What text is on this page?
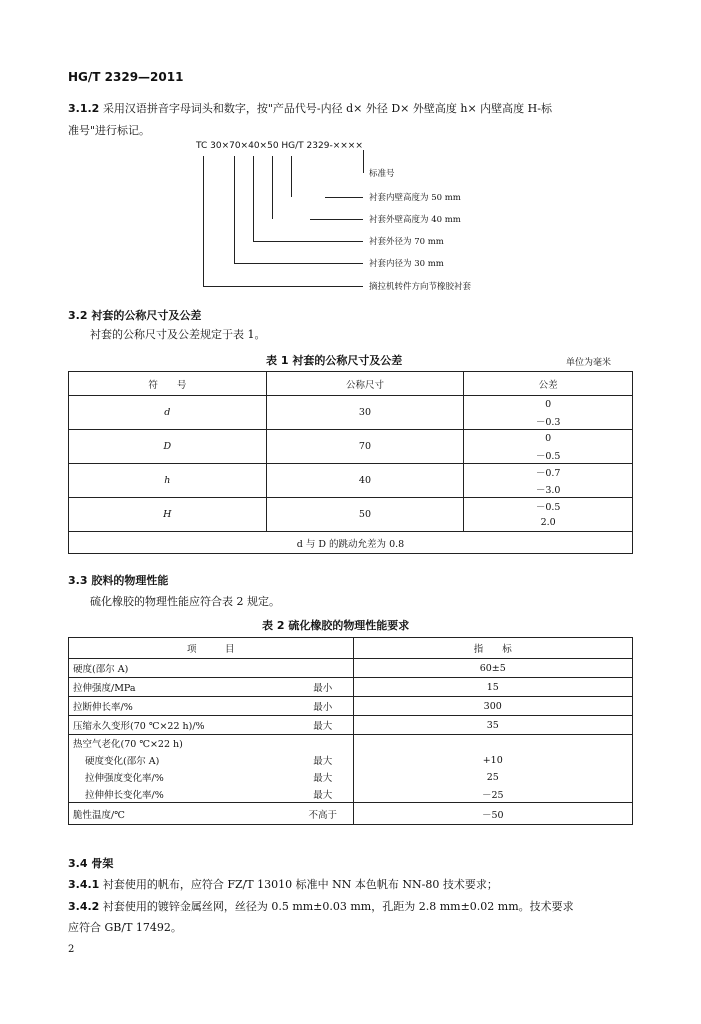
HG/T 2329—2011
3.1.2 采用汉语拼音字母词头和数字，按"产品代号-内径 d× 外径 D× 外壁高度 h× 内壁高度 H-标
准号"进行标记。
TC 30×70×40×50 HG/T 2329-××××
标准号
衬套内壁高度为 50 mm
衬套外壁高度为 40 mm
衬套外径为 70 mm
衬套内径为 30 mm
摘拉机转件方向节橡胶衬套
3.2 衬套的公称尺寸及公差
衬套的公称尺寸及公差规定于表 1。
表 1 衬套的公称尺寸及公差	单位为毫米
符　　号	公称尺寸	公差
d	30	0
		－0.3
D	70	0
		－0.5
h	40	－0.7
		－3.0
H	50	－0.5
		2.0
d 与 D 的跳动允差为 0.8		
3.3 胶料的物理性能
硫化橡胶的物理性能应符合表 2 规定。
表 2 硫化橡胶的物理性能要求
项　　　目		指　　标
硬度(邵尔 A)		60±5
拉伸强度/MPa	最小	15
拉断伸长率/%	最小	300
压缩永久变形(70 ℃×22 h)/%	最大	35
热空气老化(70 ℃×22 h)		
硬度变化(邵尔 A)	最大	+10
拉伸强度变化率/%	最大	25
拉伸伸长变化率/%	最大	－25
脆性温度/℃	不高于	－50
3.4 骨架
3.4.1 衬套使用的帆布，应符合 FZ/T 13010 标准中 NN 本色帆布 NN-80 技术要求；
3.4.2 衬套使用的镀锌金属丝网，丝径为 0.5 mm±0.03 mm，孔距为 2.8 mm±0.02 mm。技术要求
应符合 GB/T 17492。
2
